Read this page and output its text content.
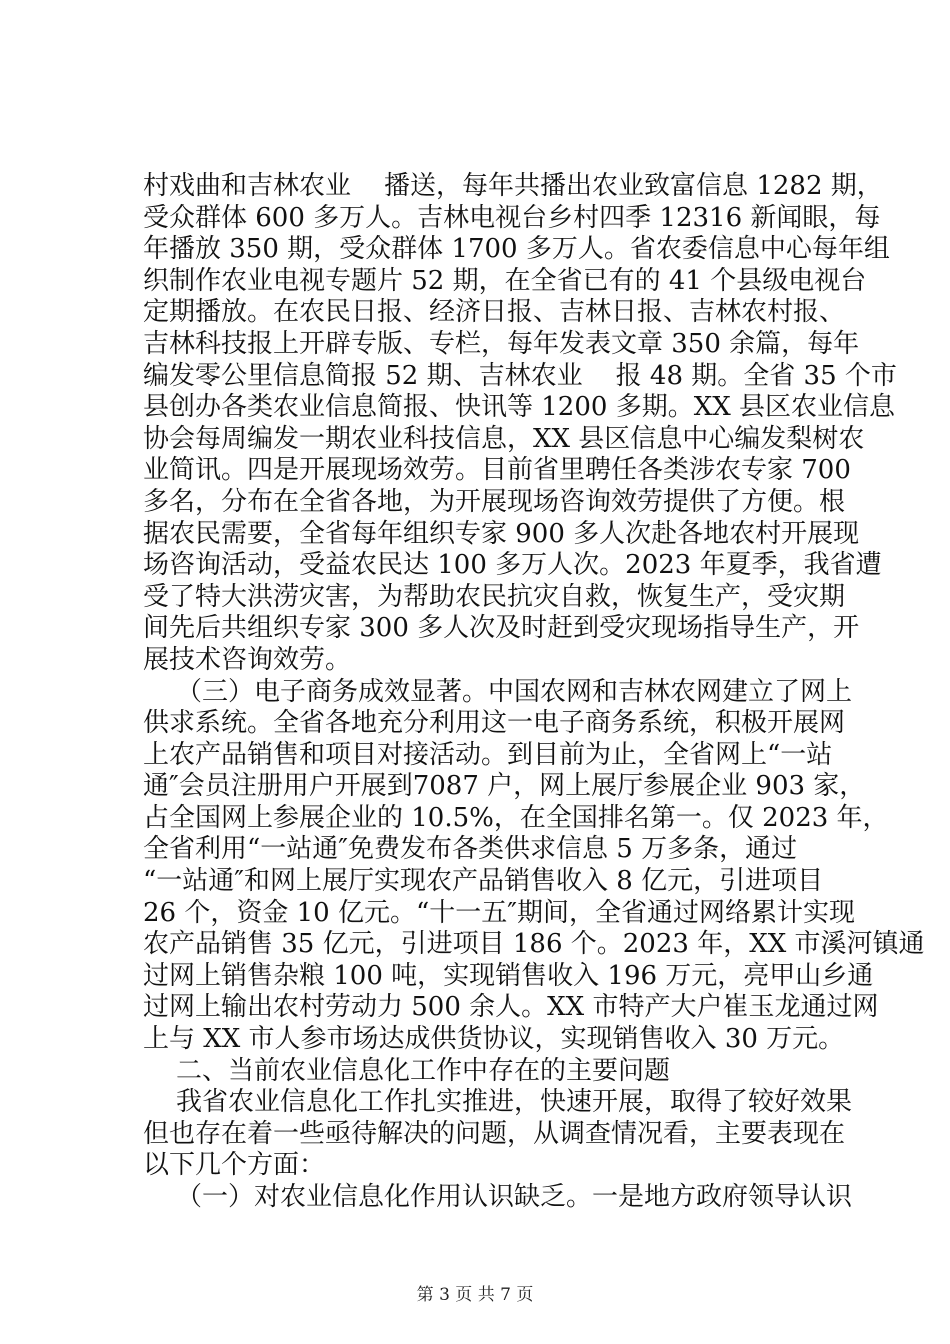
村戏曲和吉林农业    播送，每年共播出农业致富信息 1282 期，
受众群体 600 多万人。吉林电视台乡村四季 12316 新闻眼，每
年播放 350 期，受众群体 1700 多万人。省农委信息中心每年组
织制作农业电视专题片 52 期，在全省已有的 41 个县级电视台
定期播放。在农民日报、经济日报、吉林日报、吉林农村报、
吉林科技报上开辟专版、专栏，每年发表文章 350 余篇，每年
编发零公里信息简报 52 期、吉林农业    报 48 期。全省 35 个市
县创办各类农业信息简报、快讯等 1200 多期。XX 县区农业信息
协会每周编发一期农业科技信息，XX 县区信息中心编发梨树农
业简讯。四是开展现场效劳。目前省里聘任各类涉农专家 700
多名，分布在全省各地，为开展现场咨询效劳提供了方便。根
据农民需要，全省每年组织专家 900 多人次赴各地农村开展现
场咨询活动，受益农民达 100 多万人次。2023 年夏季，我省遭
受了特大洪涝灾害，为帮助农民抗灾自救，恢复生产，受灾期
间先后共组织专家 300 多人次及时赶到受灾现场指导生产，开
展技术咨询效劳。
（三）电子商务成效显著。中国农网和吉林农网建立了网上
供求系统。全省各地充分利用这一电子商务系统，积极开展网
上农产品销售和项目对接活动。到目前为止，全省网上“一站
通″会员注册用户开展到7087 户，网上展厅参展企业 903 家，
占全国网上参展企业的 10.5%，在全国排名第一。仅 2023 年，
全省利用“一站通″免费发布各类供求信息 5 万多条，通过
“一站通″和网上展厅实现农产品销售收入 8 亿元，引进项目
26 个，资金 10 亿元。“十一五″期间，全省通过网络累计实现
农产品销售 35 亿元，引进项目 186 个。2023 年，XX 市溪河镇通
过网上销售杂粮 100 吨，实现销售收入 196 万元，亮甲山乡通
过网上输出农村劳动力 500 余人。XX 市特产大户崔玉龙通过网
上与 XX 市人参市场达成供货协议，实现销售收入 30 万元。
二、当前农业信息化工作中存在的主要问题
我省农业信息化工作扎实推进，快速开展，取得了较好效果
但也存在着一些亟待解决的问题，从调查情况看，主要表现在
以下几个方面：
（一）对农业信息化作用认识缺乏。一是地方政府领导认识
第 3 页 共 7 页
